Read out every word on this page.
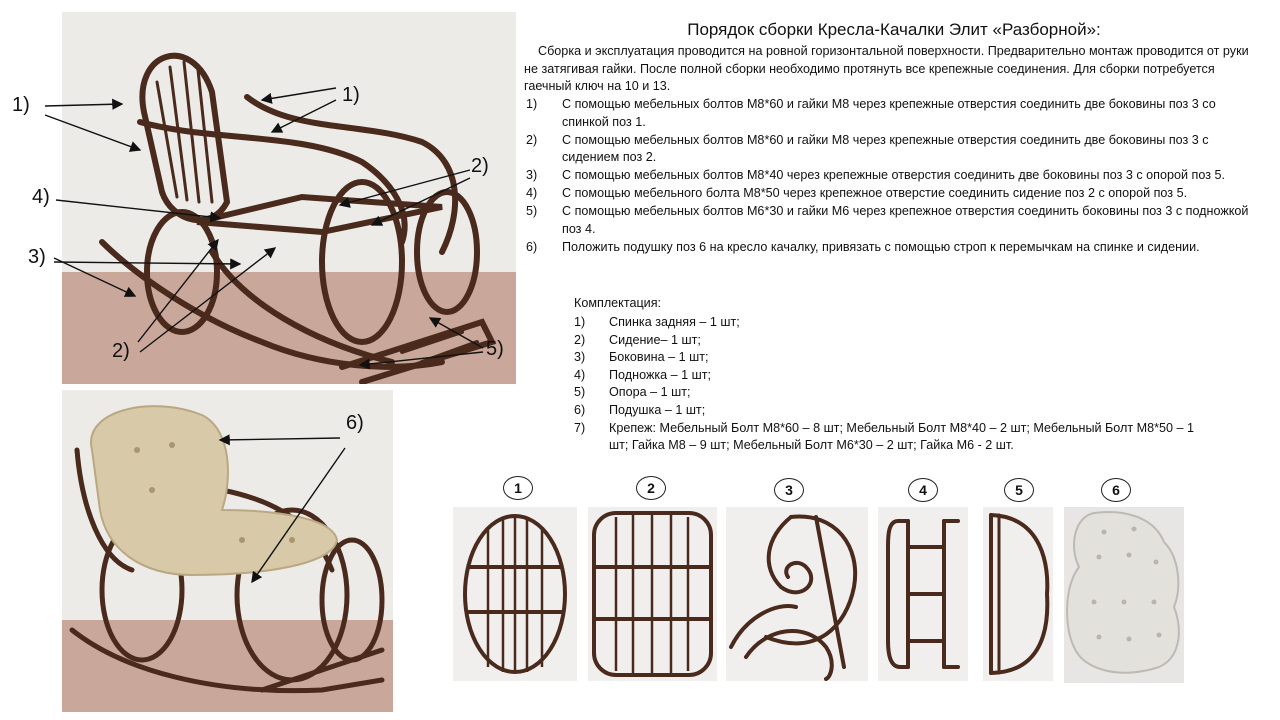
1)	1)
2)
4)
3)
2)	5)
6)
Порядок сборки Кресла-Качалки Элит «Разборной»:
Сборка и эксплуатация проводится на ровной горизонтальной поверхности. Предварительно монтаж проводится от руки не затягивая гайки. После полной сборки необходимо протянуть все крепежные соединения. Для сборки потребуется гаечный ключ на 10 и 13.
1) С помощью мебельных болтов М8*60 и гайки М8 через крепежные отверстия соединить две боковины поз 3 со спинкой поз 1.
2) С помощью мебельных болтов М8*60 и гайки М8 через крепежные отверстия соединить две боковины поз 3 с сидением поз 2.
3) С помощью мебельных болтов М8*40 через крепежные отверстия соединить две боковины поз 3 с опорой поз 5.
4) С помощью мебельного болта М8*50 через крепежное отверстие соединить сидение поз 2 с опорой поз 5.
5) С помощью мебельных болтов М6*30 и гайки М6 через крепежное отверстия соединить боковины поз 3 с подножкой поз 4.
6) Положить подушку поз 6 на кресло качалку, привязать с помощью строп к перемычкам на спинке и сидении.
Комплектация:
1) Спинка задняя – 1 шт;
2) Сидение– 1 шт;
3) Боковина – 1 шт;
4) Подножка – 1 шт;
5) Опора – 1 шт;
6) Подушка – 1 шт;
7) Крепеж: Мебельный Болт М8*60 – 8 шт; Мебельный Болт М8*40 – 2 шт; Мебельный Болт М8*50 – 1 шт; Гайка М8 – 9 шт; Мебельный Болт М6*30 – 2 шт; Гайка М6 - 2 шт.
1	2	3	4	5	6
